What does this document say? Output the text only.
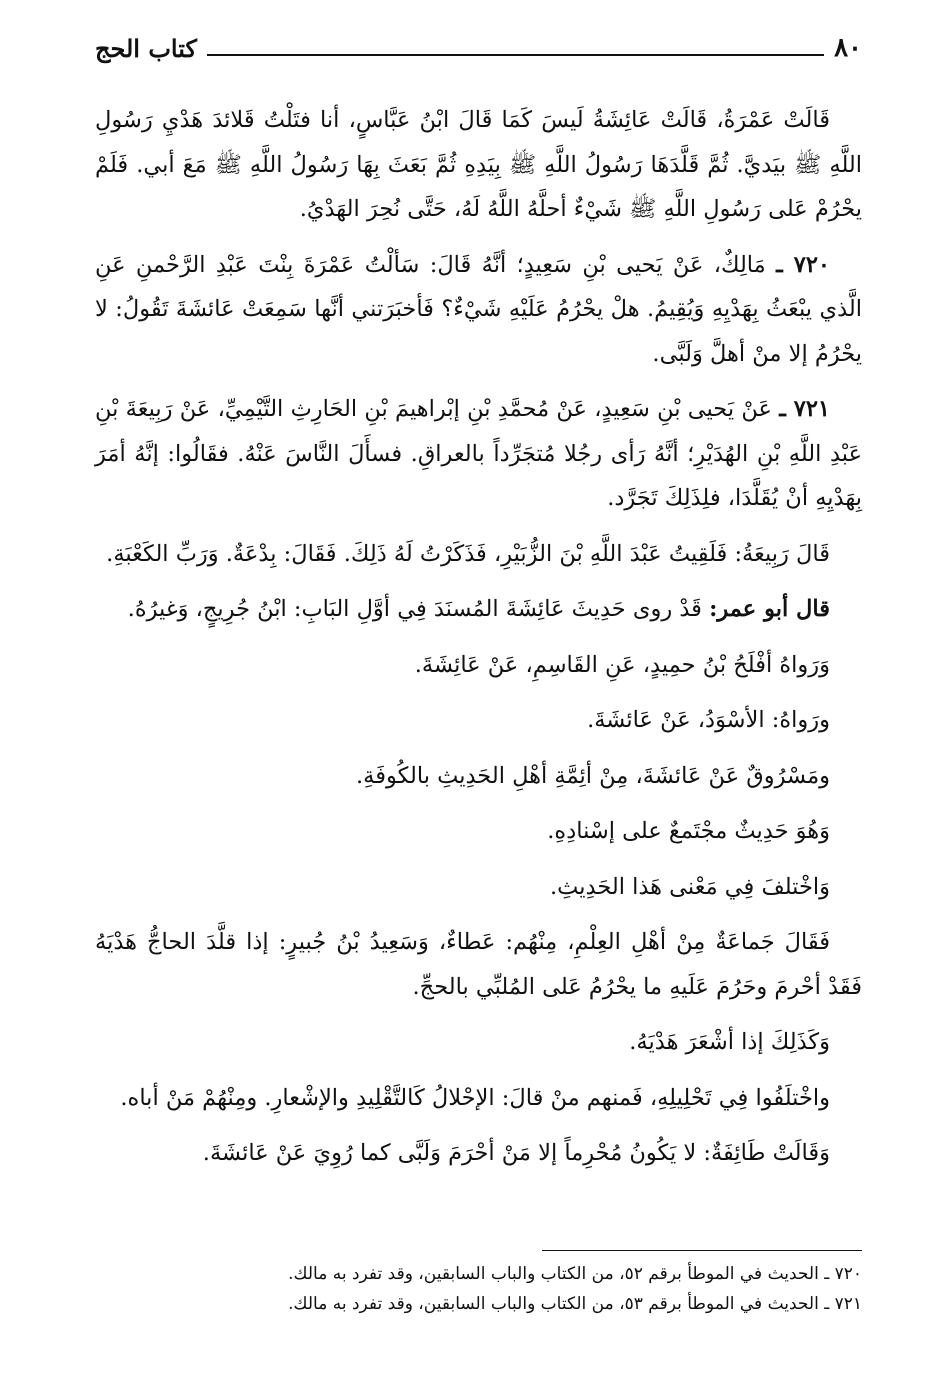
٨٠
كتاب الحج

قَالَتْ عَمْرَةُ، قَالَتْ عَائِشَةُ لَيسَ كَمَا قَالَ ابْنُ عَبَّاسٍ، أنا فتَلْتُ قَلائدَ هَدْيِ رَسُولِ اللَّهِ ﷺ بيَديَّ. ثُمَّ قَلَّدَهَا رَسُولُ اللَّهِ ﷺ بِيَدِهِ ثُمَّ بَعَثَ بِهَا رَسُولُ اللَّهِ ﷺ مَعَ أبي. فَلَمْ يحْرُمْ عَلى رَسُولِ اللَّهِ ﷺ شَيْءٌ أحلَّهُ اللَّهُ لَهُ، حَتَّى نُحِرَ الهَدْيُ.

٧٢٠ ـ مَالِكٌ، عَنْ يَحيى بْنِ سَعِيدٍ؛ أنَّهُ قَالَ: سَألْتُ عَمْرَةَ بِنْتَ عَبْدِ الرَّحْمنِ عَنِ الَّذي يبْعَثُ بِهَدْيِهِ وَيُقِيمُ. هلْ يحْرُمُ عَلَيْهِ شَيْءٌ؟ فَأخبَرَتني أنَّها سَمِعَتْ عَائشَةَ تَقُولُ: لا يحْرُمُ إلا منْ أهلَّ وَلَبَّى.

٧٢١ ـ عَنْ يَحيى بْنِ سَعِيدٍ، عَنْ مُحمَّدِ بْنِ إبْراهيمَ بْنِ الحَارِثِ التَّيْمِيِّ، عَنْ رَبِيعَةَ بْنِ عَبْدِ اللَّهِ بْنِ الهُدَيْرِ؛ أنَّهُ رَأى رجُلا مُتجَرِّداً بالعراقِ. فسأَلَ النَّاسَ عَنْهُ. فقَالُوا: إنَّهُ أمَرَ بِهَدْيِهِ أنْ يُقَلَّدَا، فلِذَلِكَ تَجَرَّد.

قَالَ رَبِيعَةُ: فَلَقِيتُ عَبْدَ اللَّهِ بْنَ الزُّبَيْرِ، فَذَكَرْتُ لَهُ ذَلِكَ. فَقَالَ: بِدْعَةٌ. وَرَبِّ الكَعْبَةِ.

قال أبو عمر: قَدْ روى حَدِيثَ عَائِشَةَ المُسنَدَ فِي أوَّلِ البَابِ: ابْنُ جُرِيجٍ، وَغيرُهُ.

وَرَواهُ أفْلَحُ بْنُ حمِيدٍ، عَنِ القَاسِمِ، عَنْ عَائِشَةَ.

ورَواهُ: الأسْوَدُ، عَنْ عَائشَةَ.

ومَسْرُوقٌ عَنْ عَائشَةَ، مِنْ أئِمَّةِ أهْلِ الحَدِيثِ بالكُوفَةِ.

وَهُوَ حَدِيثٌ مجْتَمعٌ على إسْنادِهِ.

وَاخْتلفَ فِي مَعْنى هَذا الحَدِيثِ.

فَقَالَ جَماعَةٌ مِنْ أهْلِ العِلْمِ، مِنْهُم: عَطاءٌ، وَسَعِيدُ بْنُ جُبيرٍ: إذا قلَّدَ الحاجُّ هَدْيَهُ فَقَدْ أحْرمَ وحَرُمَ عَلَيهِ ما يحْرُمُ عَلى المُلبِّي بالحجِّ.

وَكَذَلِكَ إذا أشْعَرَ هَدْيَهُ.

واخْتلَفُوا فِي تَحْلِيلِهِ، فَمنهم منْ قالَ: الإحْلالُ كَالتَّقْلِيدِ والإشْعارِ. ومِنْهُمْ مَنْ أباه.

وَقَالَتْ طَائِفَةٌ: لا يَكُونُ مُحْرِماً إلا مَنْ أحْرَمَ وَلَبَّى كما رُوِيَ عَنْ عَائشَةَ.

٧٢٠ ـ الحديث في الموطأ برقم ٥٢، من الكتاب والباب السابقين، وقد تفرد به مالك.

٧٢١ ـ الحديث في الموطأ برقم ٥٣، من الكتاب والباب السابقين، وقد تفرد به مالك.
